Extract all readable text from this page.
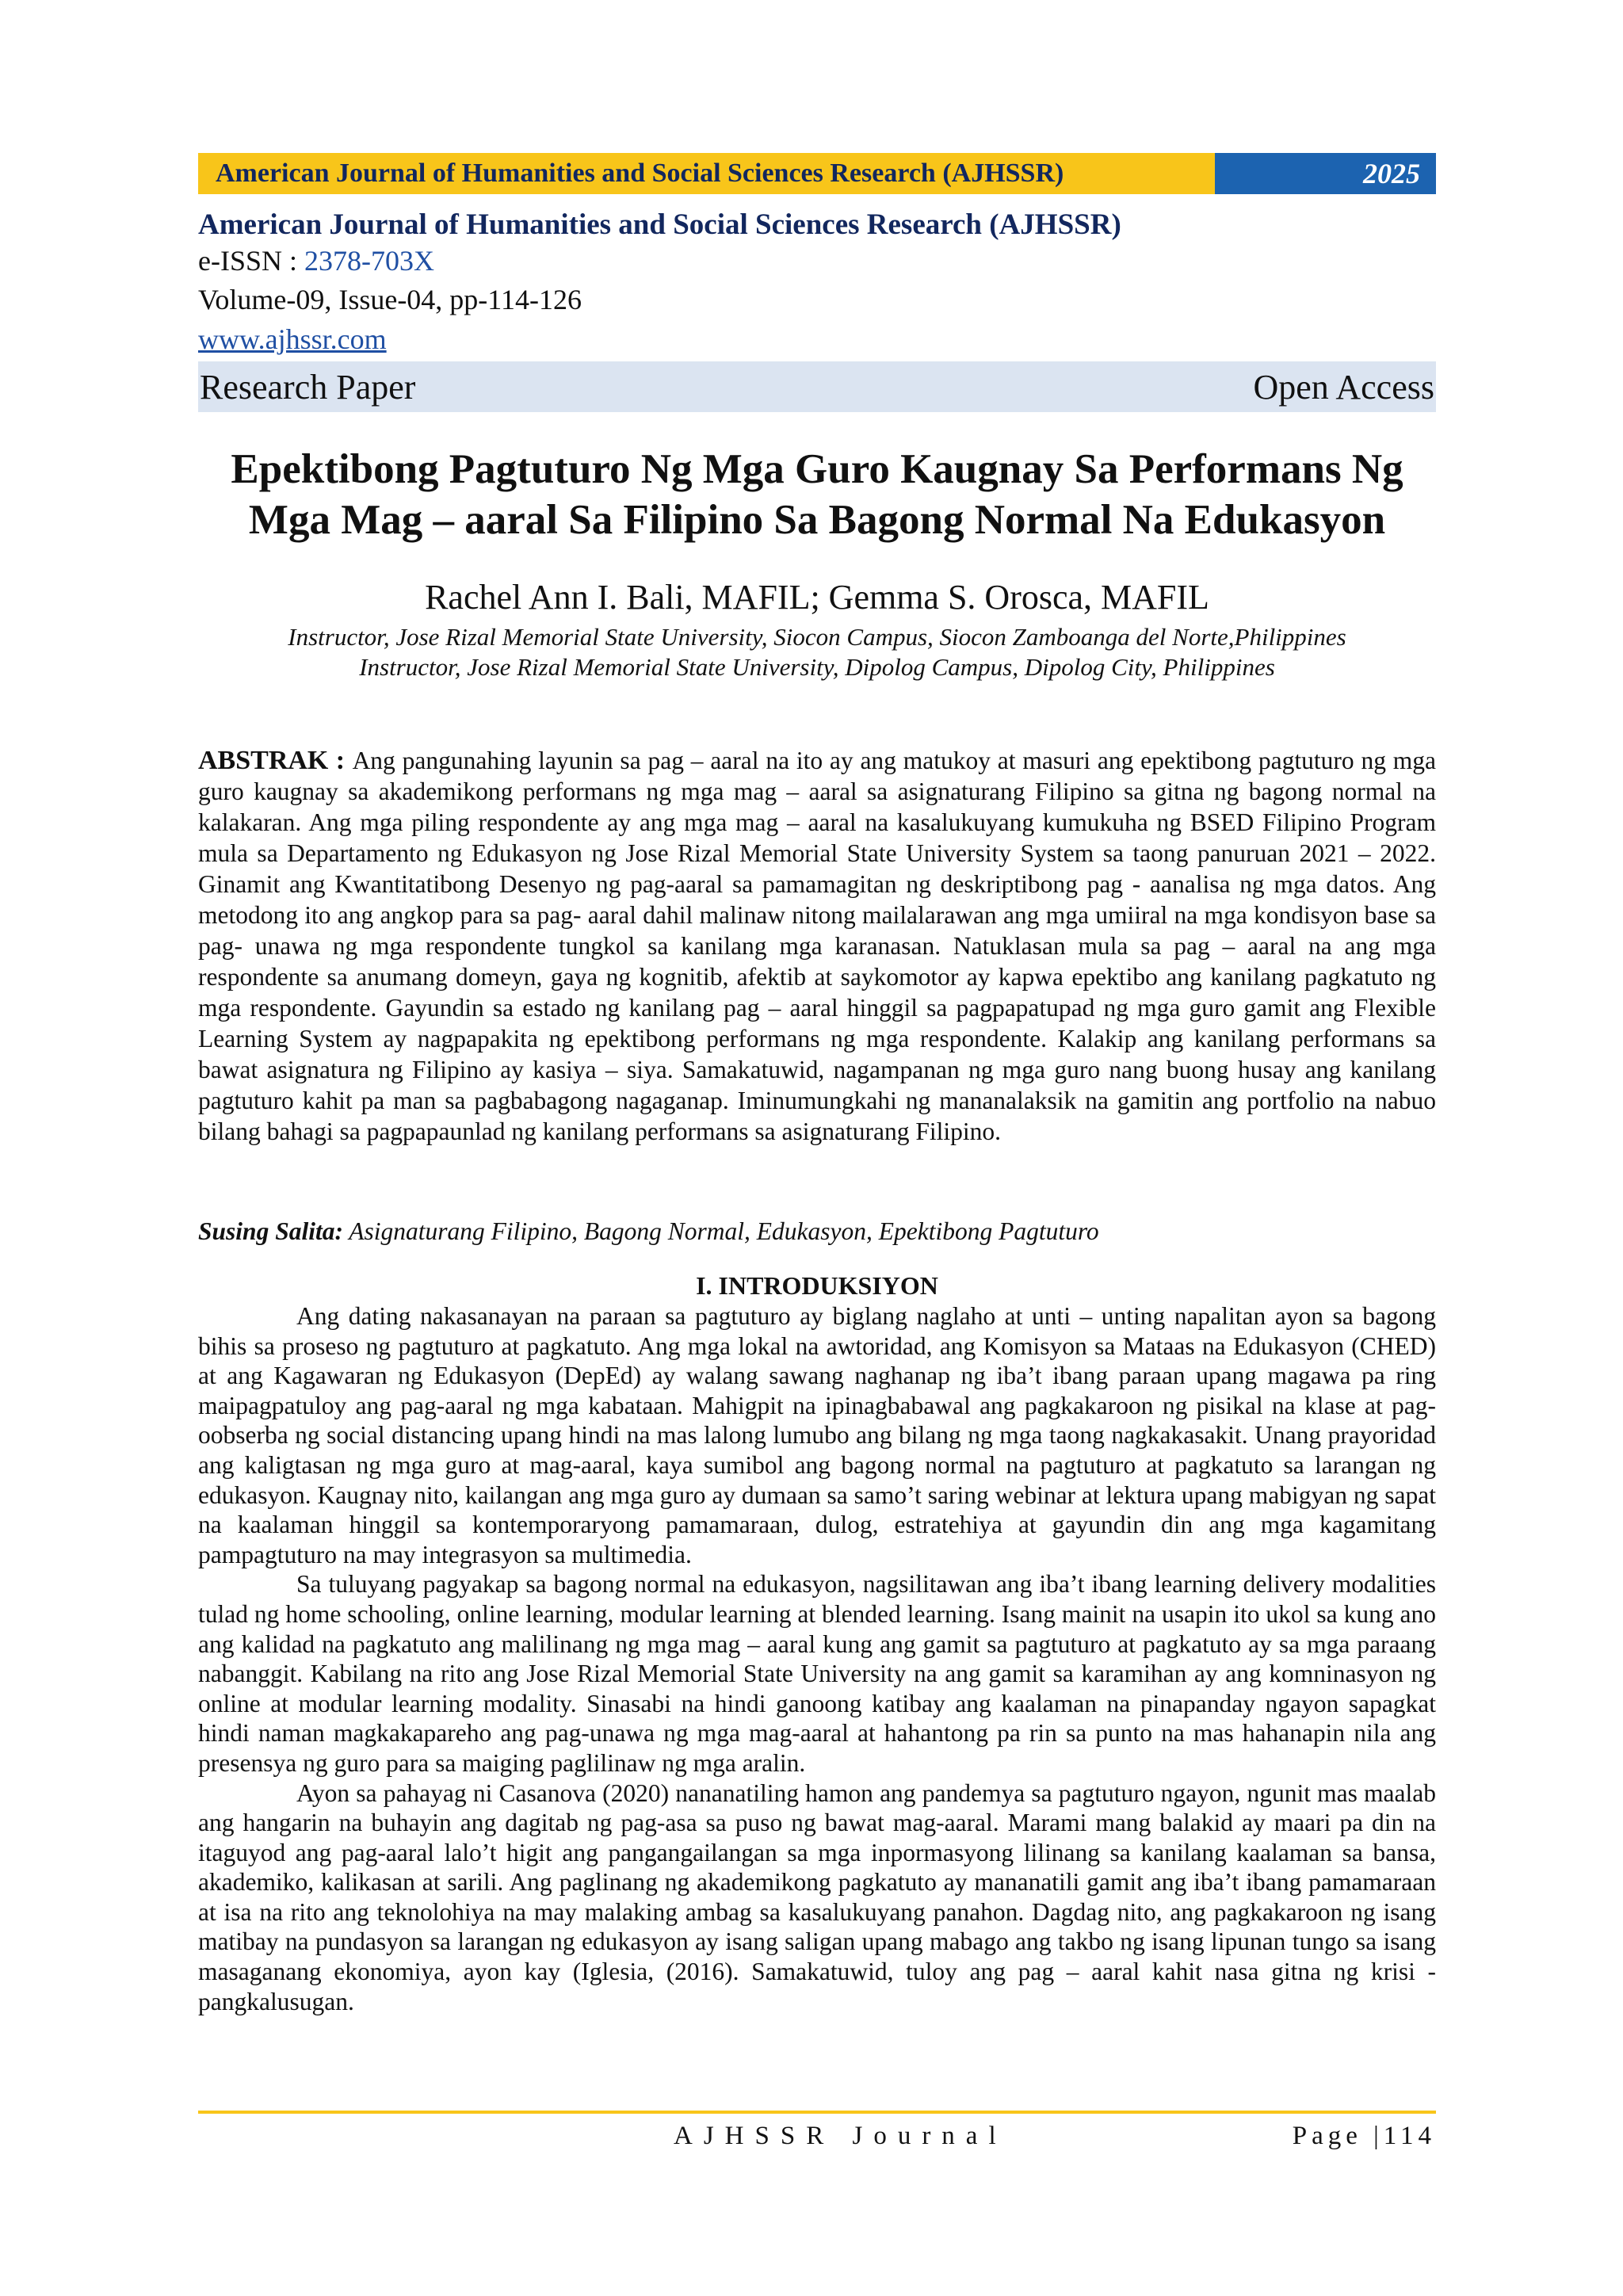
American Journal of Humanities and Social Sciences Research (AJHSSR)	2025
American Journal of Humanities and Social Sciences Research (AJHSSR)
e-ISSN : 2378-703X
Volume-09, Issue-04, pp-114-126
www.ajhssr.com
Research Paper	Open Access
Epektibong Pagtuturo Ng Mga Guro Kaugnay Sa Performans Ng
Mga Mag – aaral Sa Filipino Sa Bagong Normal Na Edukasyon
Rachel Ann I. Bali, MAFIL; Gemma S. Orosca, MAFIL
Instructor, Jose Rizal Memorial State University, Siocon Campus, Siocon Zamboanga del Norte,Philippines
Instructor, Jose Rizal Memorial State University, Dipolog Campus, Dipolog City, Philippines
ABSTRAK : Ang pangunahing layunin sa pag – aaral na ito ay ang matukoy at masuri ang epektibong pagtuturo ng mga guro kaugnay sa akademikong performans ng mga mag – aaral sa asignaturang Filipino sa gitna ng bagong normal na kalakaran. Ang mga piling respondente ay ang mga mag – aaral na kasalukuyang kumukuha ng BSED Filipino Program mula sa Departamento ng Edukasyon ng Jose Rizal Memorial State University System sa taong panuruan 2021 – 2022. Ginamit ang Kwantitatibong Desenyo ng pag-aaral sa pamamagitan ng deskriptibong pag - aanalisa ng mga datos. Ang metodong ito ang angkop para sa pag- aaral dahil malinaw nitong mailalarawan ang mga umiiral na mga kondisyon base sa pag- unawa ng mga respondente tungkol sa kanilang mga karanasan. Natuklasan mula sa pag – aaral na ang mga respondente sa anumang domeyn, gaya ng kognitib, afektib at saykomotor ay kapwa epektibo ang kanilang pagkatuto ng mga respondente. Gayundin sa estado ng kanilang pag – aaral hinggil sa pagpapatupad ng mga guro gamit ang Flexible Learning System ay nagpapakita ng epektibong performans ng mga respondente. Kalakip ang kanilang performans sa bawat asignatura ng Filipino ay kasiya – siya. Samakatuwid, nagampanan ng mga guro nang buong husay ang kanilang pagtuturo kahit pa man sa pagbabagong nagaganap. Iminumungkahi ng mananalaksik na gamitin ang portfolio na nabuo bilang bahagi sa pagpapaunlad ng kanilang performans sa asignaturang Filipino.
Susing Salita: Asignaturang Filipino, Bagong Normal, Edukasyon, Epektibong Pagtuturo
I. INTRODUKSIYON

Ang dating nakasanayan na paraan sa pagtuturo ay biglang naglaho at unti – unting napalitan ayon sa bagong bihis sa proseso ng pagtuturo at pagkatuto. Ang mga lokal na awtoridad, ang Komisyon sa Mataas na Edukasyon (CHED) at ang Kagawaran ng Edukasyon (DepEd) ay walang sawang naghanap ng iba’t ibang paraan upang magawa pa ring maipagpatuloy ang pag-aaral ng mga kabataan. Mahigpit na ipinagbabawal ang pagkakaroon ng pisikal na klase at pag-oobserba ng social distancing upang hindi na mas lalong lumubo ang bilang ng mga taong nagkakasakit. Unang prayoridad ang kaligtasan ng mga guro at mag-aaral, kaya sumibol ang bagong normal na pagtuturo at pagkatuto sa larangan ng edukasyon. Kaugnay nito, kailangan ang mga guro ay dumaan sa samo’t saring webinar at lektura upang mabigyan ng sapat na kaalaman hinggil sa kontemporaryong pamamaraan, dulog, estratehiya at gayundin din ang mga kagamitang pampagtuturo na may integrasyon sa multimedia.

Sa tuluyang pagyakap sa bagong normal na edukasyon, nagsilitawan ang iba’t ibang learning delivery modalities tulad ng home schooling, online learning, modular learning at blended learning. Isang mainit na usapin ito ukol sa kung ano ang kalidad na pagkatuto ang malilinang ng mga mag – aaral kung ang gamit sa pagtuturo at pagkatuto ay sa mga paraang nabanggit. Kabilang na rito ang Jose Rizal Memorial State University na ang gamit sa karamihan ay ang komninasyon ng online at modular learning modality. Sinasabi na hindi ganoong katibay ang kaalaman na pinapanday ngayon sapagkat hindi naman magkakapareho ang pag-unawa ng mga mag-aaral at hahantong pa rin sa punto na mas hahanapin nila ang presensya ng guro para sa maiging paglilinaw ng mga aralin.

Ayon sa pahayag ni Casanova (2020) nananatiling hamon ang pandemya sa pagtuturo ngayon, ngunit mas maalab ang hangarin na buhayin ang dagitab ng pag-asa sa puso ng bawat mag-aaral. Marami mang balakid ay maari pa din na itaguyod ang pag-aaral lalo’t higit ang pangangailangan sa mga inpormasyong lilinang sa kanilang kaalaman sa bansa, akademiko, kalikasan at sarili. Ang paglinang ng akademikong pagkatuto ay mananatili gamit ang iba’t ibang pamamaraan at isa na rito ang teknolohiya na may malaking ambag sa kasalukuyang panahon. Dagdag nito, ang pagkakaroon ng isang matibay na pundasyon sa larangan ng edukasyon ay isang saligan upang mabago ang takbo ng isang lipunan tungo sa isang masaganang ekonomiya, ayon kay (Iglesia, (2016). Samakatuwid, tuloy ang pag – aaral kahit nasa gitna ng krisi - pangkalusugan.

AJHSSR Journal	Page |114
